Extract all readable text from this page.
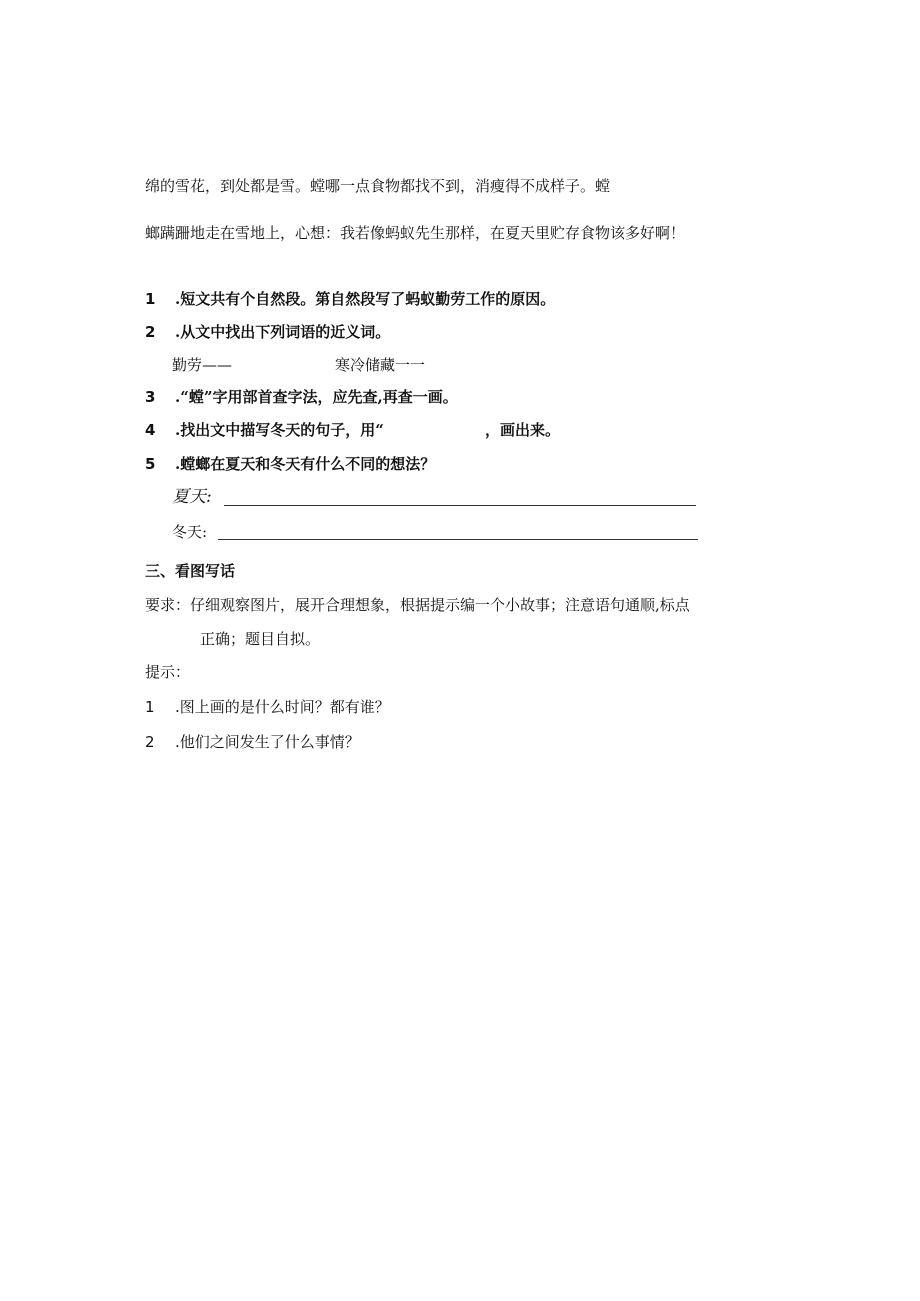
绵的雪花，到处都是雪。螳哪一点食物都找不到，消瘦得不成样子。螳
螂蹒跚地走在雪地上，心想：我若像蚂蚁先生那样，在夏天里贮存食物该多好啊！
1 .短文共有个自然段。第自然段写了蚂蚁勤劳工作的原因。
2 .从文中找出下列词语的近义词。
勤劳——	寒冷储藏一一
3 .“螳”字用部首查字法，应先查,再查一画。
4 .找出文中描写冬天的句子，用“	，画出来。
5 .螳螂在夏天和冬天有什么不同的想法？
夏天:
冬天:
三、看图写话
要求：仔细观察图片，展开合理想象，根据提示编一个小故事；注意语句通顺,标点
正确；题目自拟。
提示：
1 .图上画的是什么时间？都有谁？
2 .他们之间发生了什么事情？
